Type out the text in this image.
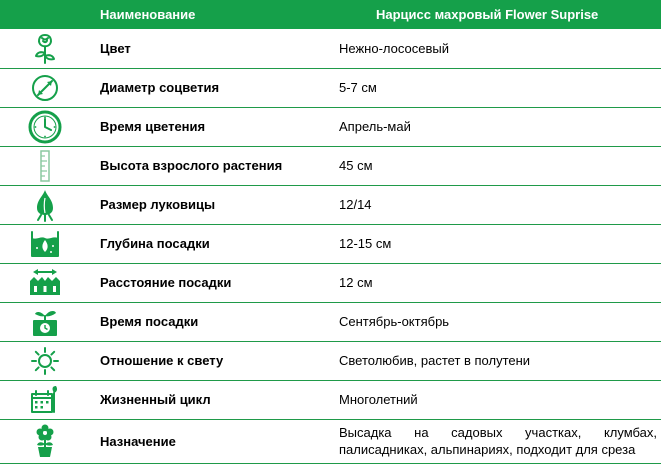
	Наименование	Нарцисс махровый Flower Suprise

	Цвет	Нежно-лососевый

	Диаметр соцветия	5-7 см

	Время цветения	Апрель-май

	Высота взрослого растения	45 см

	Размер луковицы	12/14

	Глубина посадки	12-15 см

	Расстояние посадки	12 см

	Время посадки	Сентябрь-октябрь

	Отношение к свету	Светолюбив, растет в полутени

	Жизненный цикл	Многолетний

	Назначение	Высадка на садовых участках, клумбах, палисадниках, альпинариях, подходит для среза
